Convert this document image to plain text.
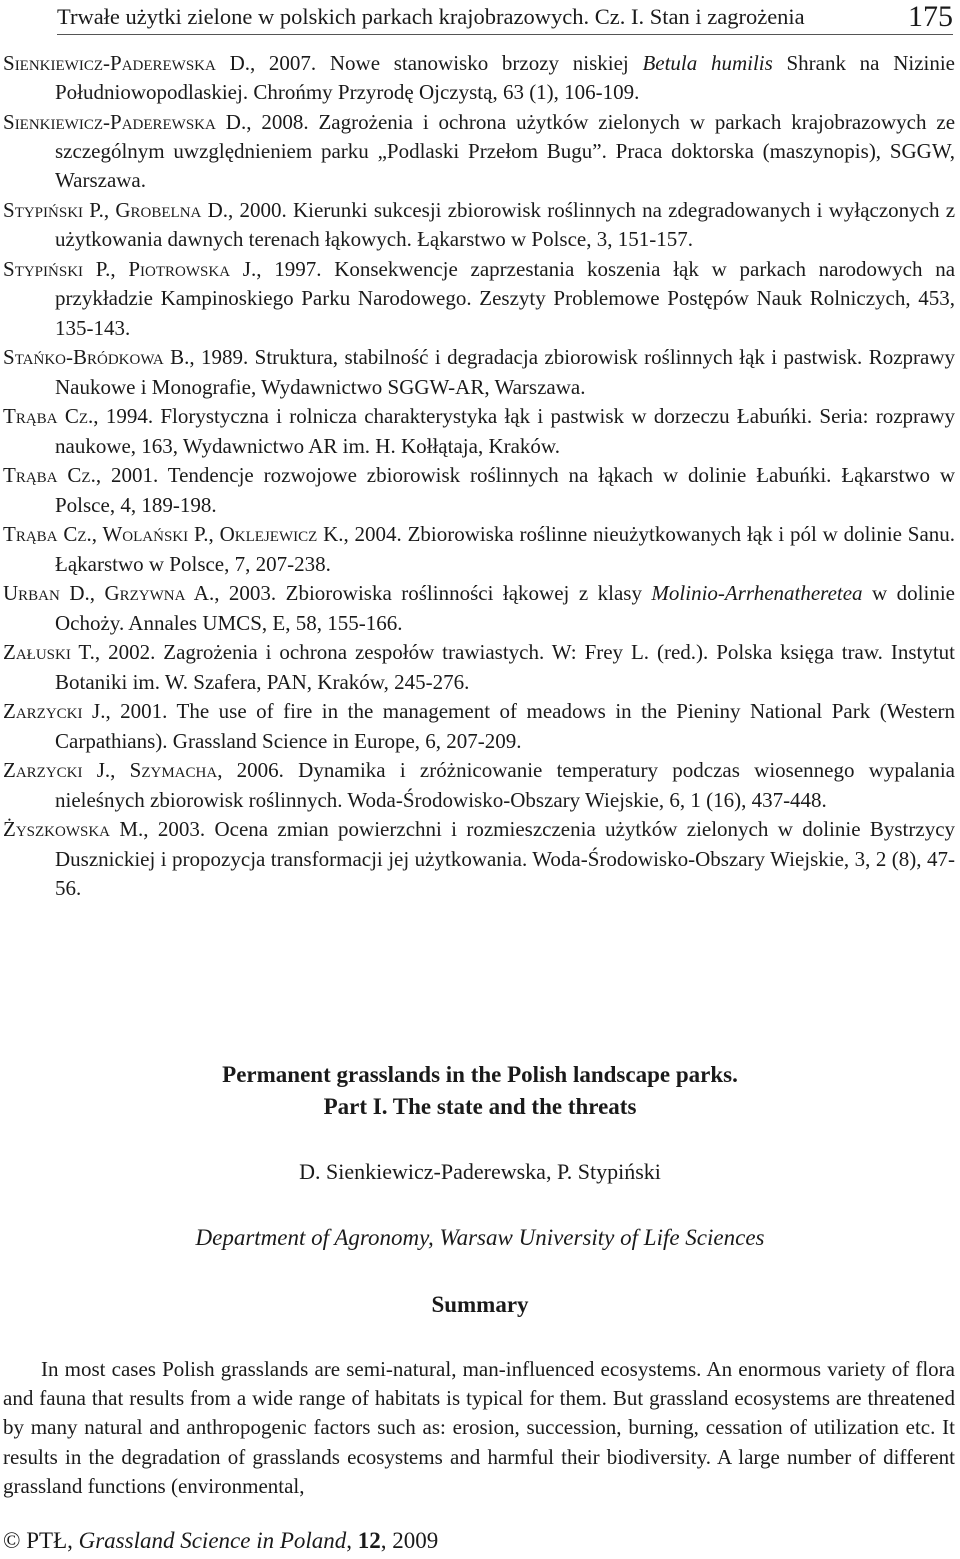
Trwałe użytki zielone w polskich parkach krajobrazowych. Cz. I. Stan i zagrożenia	175

Sienkiewicz-Paderewska D., 2007. Nowe stanowisko brzozy niskiej Betula humilis Shrank na Nizinie Południowopodlaskiej. Chrońmy Przyrodę Ojczystą, 63 (1), 106-109.

Sienkiewicz-Paderewska D., 2008. Zagrożenia i ochrona użytków zielonych w parkach krajobrazowych ze szczególnym uwzględnieniem parku „Podlaski Przełom Bugu”. Praca doktorska (maszynopis), SGGW, Warszawa.

Stypiński P., Grobelna D., 2000. Kierunki sukcesji zbiorowisk roślinnych na zdegradowanych i wyłączonych z użytkowania dawnych terenach łąkowych. Łąkarstwo w Polsce, 3, 151-157.

Stypiński P., Piotrowska J., 1997. Konsekwencje zaprzestania koszenia łąk w parkach narodowych na przykładzie Kampinoskiego Parku Narodowego. Zeszyty Problemowe Postępów Nauk Rolniczych, 453, 135-143.

Stańko-Bródkowa B., 1989. Struktura, stabilność i degradacja zbiorowisk roślinnych łąk i pastwisk. Rozprawy Naukowe i Monografie, Wydawnictwo SGGW-AR, Warszawa.

Trąba Cz., 1994. Florystyczna i rolnicza charakterystyka łąk i pastwisk w dorzeczu Łabuńki. Seria: rozprawy naukowe, 163, Wydawnictwo AR im. H. Kołłątaja, Kraków.

Trąba Cz., 2001. Tendencje rozwojowe zbiorowisk roślinnych na łąkach w dolinie Łabuńki. Łąkarstwo w Polsce, 4, 189-198.

Trąba Cz., Wolański P., Oklejewicz K., 2004. Zbiorowiska roślinne nieużytkowanych łąk i pól w dolinie Sanu. Łąkarstwo w Polsce, 7, 207-238.

Urban D., Grzywna A., 2003. Zbiorowiska roślinności łąkowej z klasy Molinio-Arrhenatheretea w dolinie Ochoży. Annales UMCS, E, 58, 155-166.

Załuski T., 2002. Zagrożenia i ochrona zespołów trawiastych. W: Frey L. (red.). Polska księga traw. Instytut Botaniki im. W. Szafera, PAN, Kraków, 245-276.

Zarzycki J., 2001. The use of fire in the management of meadows in the Pieniny National Park (Western Carpathians). Grassland Science in Europe, 6, 207-209.

Zarzycki J., Szymacha, 2006. Dynamika i zróżnicowanie temperatury podczas wiosennego wypalania nieleśnych zbiorowisk roślinnych. Woda-Środowisko-Obszary Wiejskie, 6, 1 (16), 437-448.

Żyszkowska M., 2003. Ocena zmian powierzchni i rozmieszczenia użytków zielonych w dolinie Bystrzycy Dusznickiej i propozycja transformacji jej użytkowania. Woda-Środowisko-Obszary Wiejskie, 3, 2 (8), 47-56.

Permanent grasslands in the Polish landscape parks.
Part I. The state and the threats
D. Sienkiewicz-Paderewska, P. Stypiński
Department of Agronomy, Warsaw University of Life Sciences
Summary

In most cases Polish grasslands are semi-natural, man-influenced ecosystems. An enormous variety of flora and fauna that results from a wide range of habitats is typical for them. But grassland ecosystems are threatened by many natural and anthropogenic factors such as: erosion, succession, burning, cessation of utilization etc. It results in the degradation of grasslands ecosystems and harmful their biodiversity. A large number of different grassland functions (environmental,

© PTŁ, Grassland Science in Poland, 12, 2009
